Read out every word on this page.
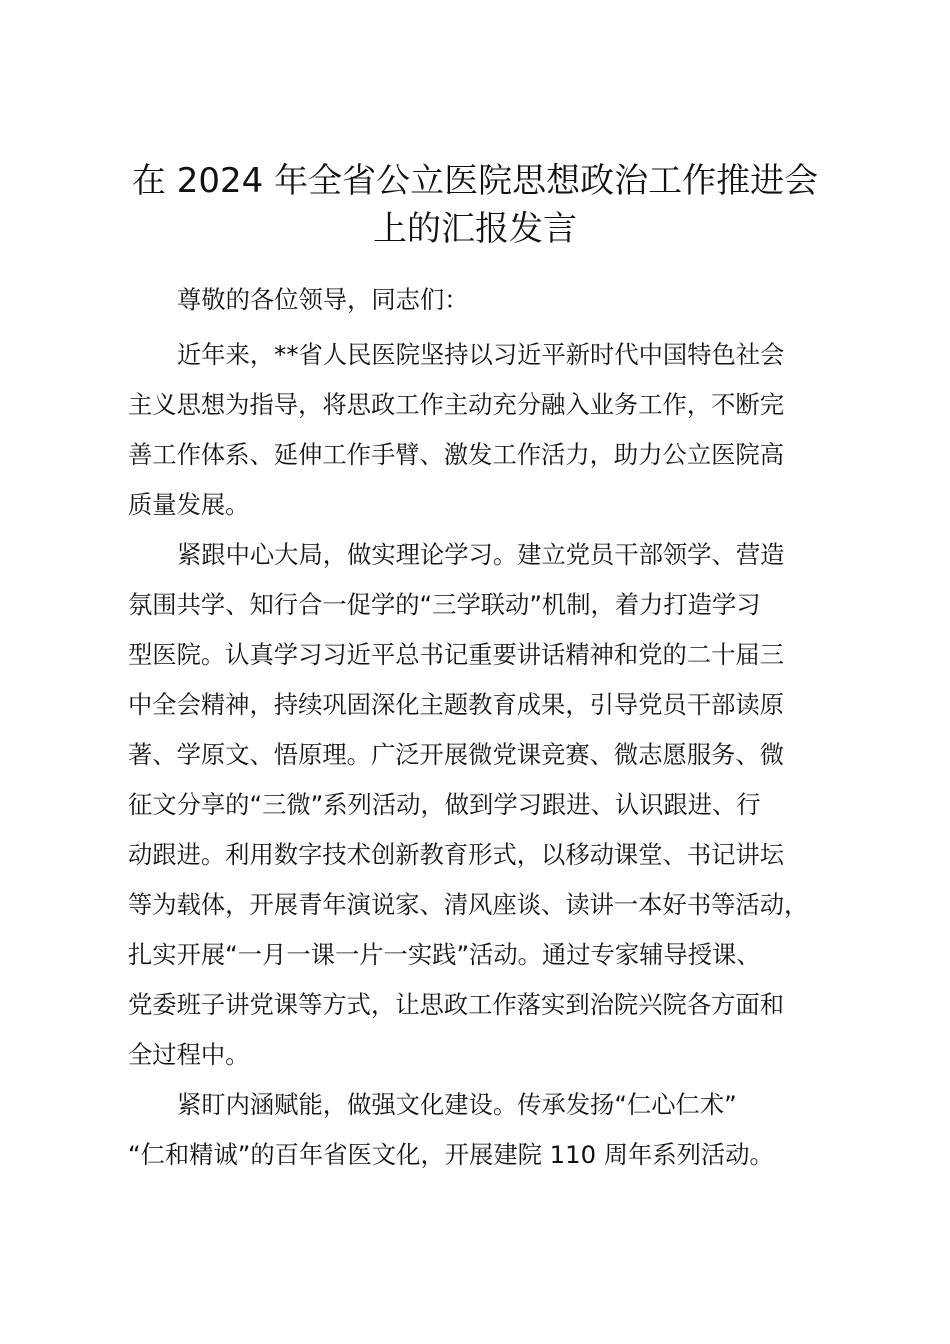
在 2024 年全省公立医院思想政治工作推进会
上的汇报发言

尊敬的各位领导，同志们：

近年来，**省人民医院坚持以习近平新时代中国特色社会

主义思想为指导，将思政工作主动充分融入业务工作，不断完

善工作体系、延伸工作手臂、激发工作活力，助力公立医院高

质量发展。

紧跟中心大局，做实理论学习。建立党员干部领学、营造

氛围共学、知行合一促学的“三学联动”机制，着力打造学习

型医院。认真学习习近平总书记重要讲话精神和党的二十届三

中全会精神，持续巩固深化主题教育成果，引导党员干部读原

著、学原文、悟原理。广泛开展微党课竞赛、微志愿服务、微

征文分享的“三微”系列活动，做到学习跟进、认识跟进、行

动跟进。利用数字技术创新教育形式，以移动课堂、书记讲坛

等为载体，开展青年演说家、清风座谈、读讲一本好书等活动，

扎实开展“一月一课一片一实践”活动。通过专家辅导授课、

党委班子讲党课等方式，让思政工作落实到治院兴院各方面和

全过程中。

紧盯内涵赋能，做强文化建设。传承发扬“仁心仁术”

“仁和精诚”的百年省医文化，开展建院 110 周年系列活动。
